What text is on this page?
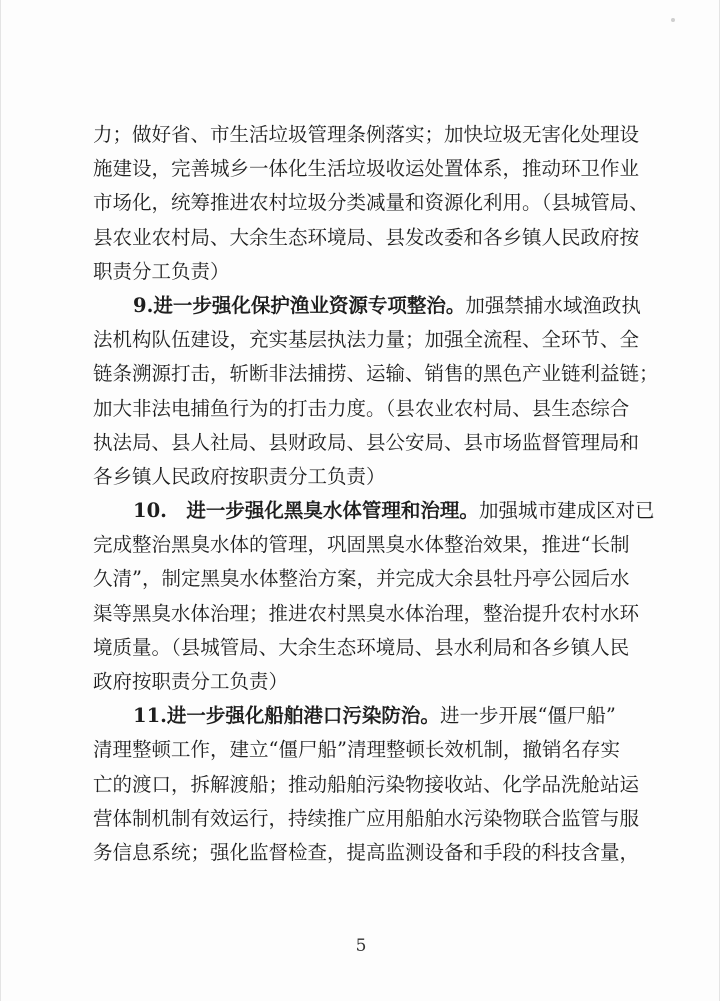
力；做好省、市生活垃圾管理条例落实；加快垃圾无害化处理设
施建设，完善城乡一体化生活垃圾收运处置体系，推动环卫作业
市场化，统筹推进农村垃圾分类减量和资源化利用。（县城管局、
县农业农村局、大余生态环境局、县发改委和各乡镇人民政府按
职责分工负责）
9.进一步强化保护渔业资源专项整治。加强禁捕水域渔政执
法机构队伍建设，充实基层执法力量；加强全流程、全环节、全
链条溯源打击，斩断非法捕捞、运输、销售的黑色产业链利益链；
加大非法电捕鱼行为的打击力度。（县农业农村局、县生态综合
执法局、县人社局、县财政局、县公安局、县市场监督管理局和
各乡镇人民政府按职责分工负责）
10.　进一步强化黑臭水体管理和治理。加强城市建成区对已
完成整治黑臭水体的管理，巩固黑臭水体整治效果，推进“长制
久清”，制定黑臭水体整治方案，并完成大余县牡丹亭公园后水
渠等黑臭水体治理；推进农村黑臭水体治理，整治提升农村水环
境质量。（县城管局、大余生态环境局、县水利局和各乡镇人民
政府按职责分工负责）
11.进一步强化船舶港口污染防治。进一步开展“僵尸船”
清理整顿工作，建立“僵尸船”清理整顿长效机制，撤销名存实
亡的渡口，拆解渡船；推动船舶污染物接收站、化学品洗舱站运
营体制机制有效运行，持续推广应用船舶水污染物联合监管与服
务信息系统；强化监督检查，提高监测设备和手段的科技含量，
5
